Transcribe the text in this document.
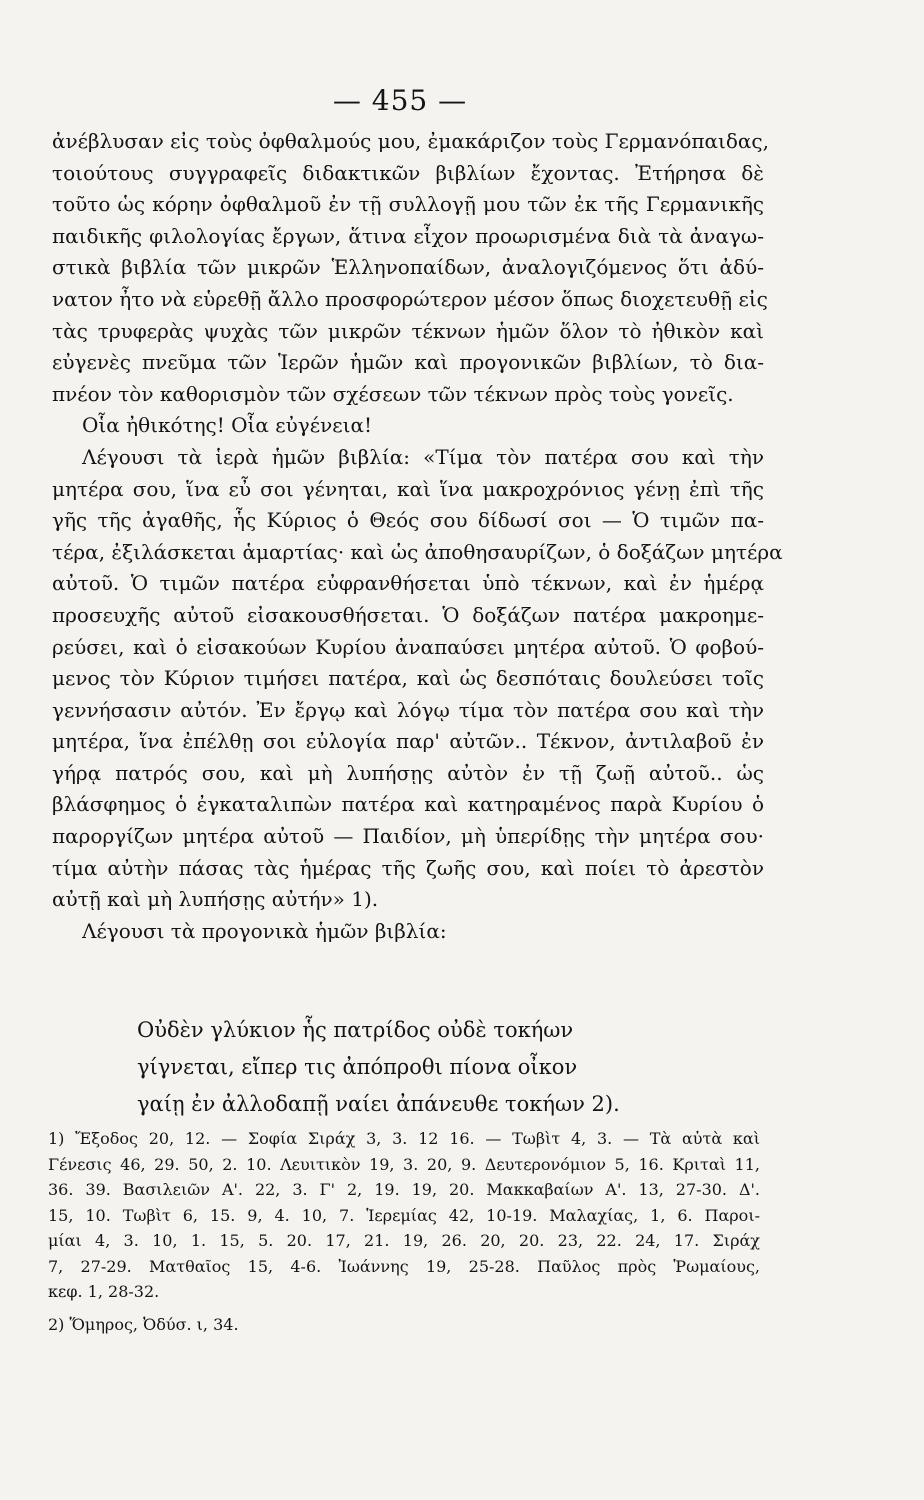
— 455 —
ἀνέβλυσαν εἰς τοὺς ὀφθαλμούς μου, ἐμακάριζον τοὺς Γερμανόπαιδας,
τοιούτους συγγραφεῖς διδακτικῶν βιβλίων ἔχοντας. Ἐτήρησα δὲ
τοῦτο ὡς κόρην ὀφθαλμοῦ ἐν τῇ συλλογῇ μου τῶν ἐκ τῆς Γερμανικῆς
παιδικῆς φιλολογίας ἔργων, ἅτινα εἶχον προωρισμένα διὰ τὰ ἀναγω-
στικὰ βιβλία τῶν μικρῶν Ἑλληνοπαίδων, ἀναλογιζόμενος ὅτι ἀδύ-
νατον ἦτο νὰ εὑρεθῇ ἄλλο προσφορώτερον μέσον ὅπως διοχετευθῇ εἰς
τὰς τρυφερὰς ψυχὰς τῶν μικρῶν τέκνων ἡμῶν ὅλον τὸ ἠθικὸν καὶ
εὐγενὲς πνεῦμα τῶν Ἱερῶν ἡμῶν καὶ προγονικῶν βιβλίων, τὸ δια-
πνέον τὸν καθορισμὸν τῶν σχέσεων τῶν τέκνων πρὸς τοὺς γονεῖς.
Οἷα ἠθικότης! Οἷα εὐγένεια!
Λέγουσι τὰ ἱερὰ ἡμῶν βιβλία: «Τίμα τὸν πατέρα σου καὶ τὴν
μητέρα σου, ἵνα εὖ σοι γένηται, καὶ ἵνα μακροχρόνιος γένῃ ἐπὶ τῆς
γῆς τῆς ἀγαθῆς, ἧς Κύριος ὁ Θεός σου δίδωσί σοι — Ὁ τιμῶν πα-
τέρα, ἐξιλάσκεται ἁμαρτίας· καὶ ὡς ἀποθησαυρίζων, ὁ δοξάζων μητέρα
αὐτοῦ. Ὁ τιμῶν πατέρα εὐφρανθήσεται ὑπὸ τέκνων, καὶ ἐν ἡμέρᾳ
προσευχῆς αὐτοῦ εἰσακουσθήσεται. Ὁ δοξάζων πατέρα μακροημε-
ρεύσει, καὶ ὁ εἰσακούων Κυρίου ἀναπαύσει μητέρα αὐτοῦ. Ὁ φοβού-
μενος τὸν Κύριον τιμήσει πατέρα, καὶ ὡς δεσπόταις δουλεύσει τοῖς
γεννήσασιν αὐτόν. Ἐν ἔργῳ καὶ λόγῳ τίμα τὸν πατέρα σου καὶ τὴν
μητέρα, ἵνα ἐπέλθῃ σοι εὐλογία παρ' αὐτῶν.. Τέκνον, ἀντιλαβοῦ ἐν
γήρᾳ πατρός σου, καὶ μὴ λυπήσῃς αὐτὸν ἐν τῇ ζωῇ αὐτοῦ.. ὡς
βλάσφημος ὁ ἐγκαταλιπὼν πατέρα καὶ κατηραμένος παρὰ Κυρίου ὁ
παροργίζων μητέρα αὐτοῦ — Παιδίον, μὴ ὑπερίδῃς τὴν μητέρα σου·
τίμα αὐτὴν πάσας τὰς ἡμέρας τῆς ζωῆς σου, καὶ ποίει τὸ ἀρεστὸν
αὐτῇ καὶ μὴ λυπήσῃς αὐτήν» 1).
Λέγουσι τὰ προγονικὰ ἡμῶν βιβλία:
Οὐδὲν γλύκιον ἧς πατρίδος οὐδὲ τοκήων
γίγνεται, εἴπερ τις ἀπόπροθι πίονα οἶκον
γαίῃ ἐν ἀλλοδαπῇ ναίει ἀπάνευθε τοκήων 2).
1) Ἔξοδος 20, 12. — Σοφία Σιράχ 3, 3. 12 16. — Τωβὶτ 4, 3. — Τὰ αὐτὰ καὶ
Γένεσις 46, 29. 50, 2. 10. Λευιτικὸν 19, 3. 20, 9. Δευτερονόμιον 5, 16. Κριταὶ 11,
36. 39. Βασιλειῶν Α'. 22, 3. Γ' 2, 19. 19, 20. Μακκαβαίων Α'. 13, 27-30. Δ'.
15, 10. Τωβὶτ 6, 15. 9, 4. 10, 7. Ἱερεμίας 42, 10-19. Μαλαχίας, 1, 6. Παροι-
μίαι 4, 3. 10, 1. 15, 5. 20. 17, 21. 19, 26. 20, 20. 23, 22. 24, 17. Σιράχ
7, 27-29. Ματθαῖος 15, 4-6. Ἰωάννης 19, 25-28. Παῦλος πρὸς Ῥωμαίους,
κεφ. 1, 28-32.
2) Ὅμηρος, Ὀδύσ. ι, 34.
